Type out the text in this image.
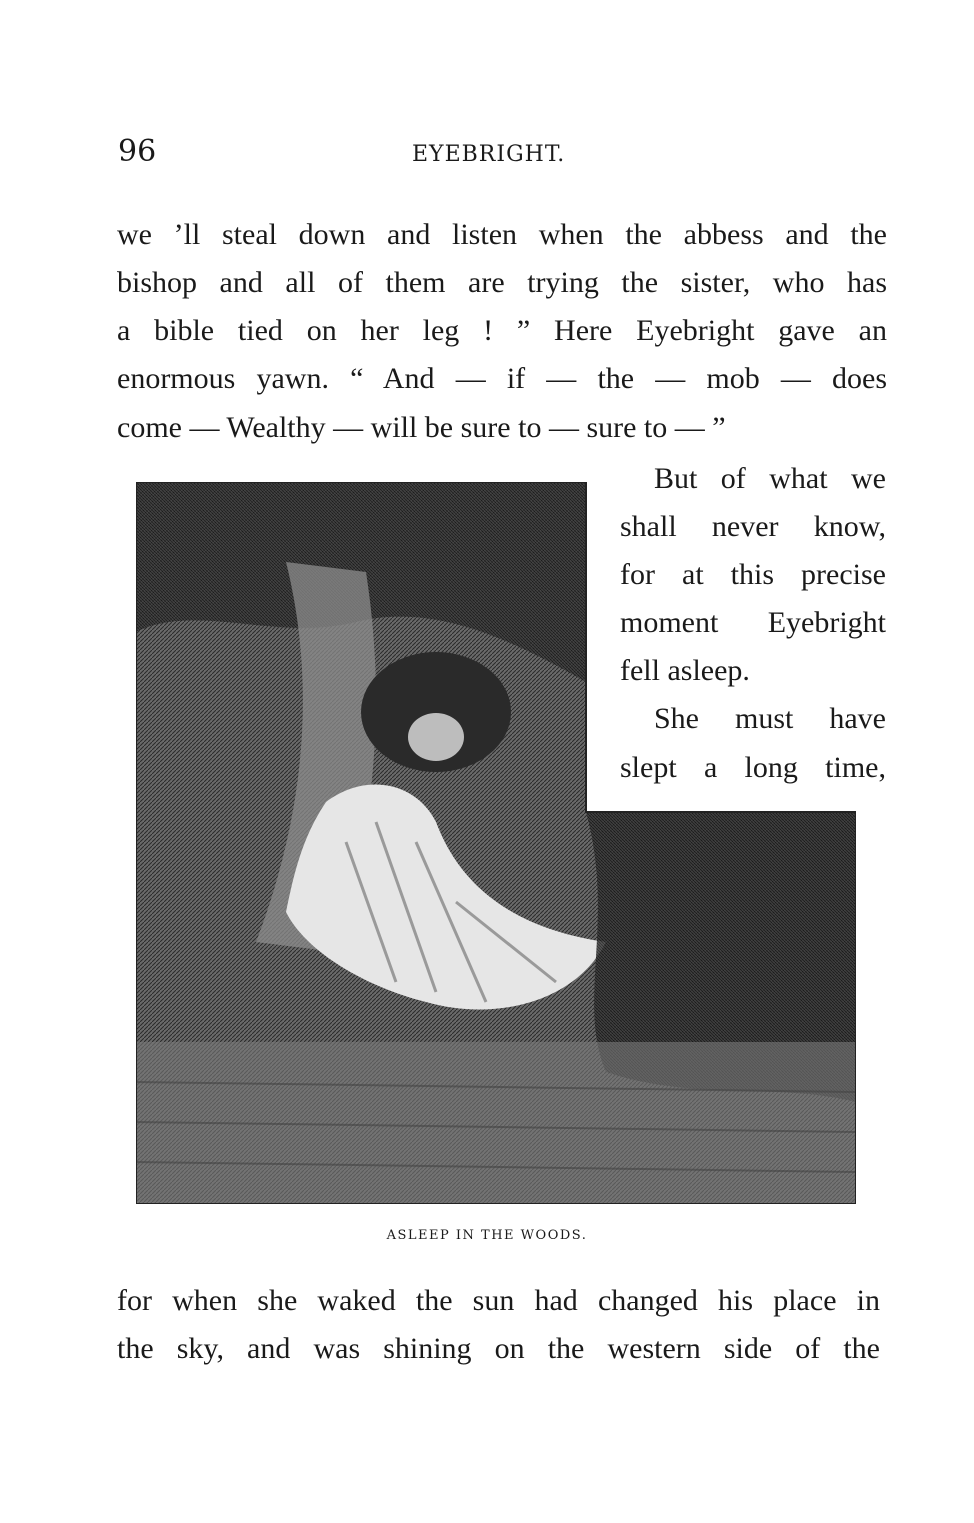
96	EYEBRIGHT.
we ’ll steal down and listen when the abbess and the
bishop and all of them are trying the sister, who has
a bible tied on her leg ! ” Here Eyebright gave an
enormous yawn. “ And — if — the — mob — does
come — Wealthy — will be sure to — sure to — ”
But of what we
shall never know,
for at this precise
moment Eyebright
fell asleep.
She must have
slept a long time,
ASLEEP IN THE WOODS.
for when she waked the sun had changed his place in
the sky, and was shining on the western side of the
